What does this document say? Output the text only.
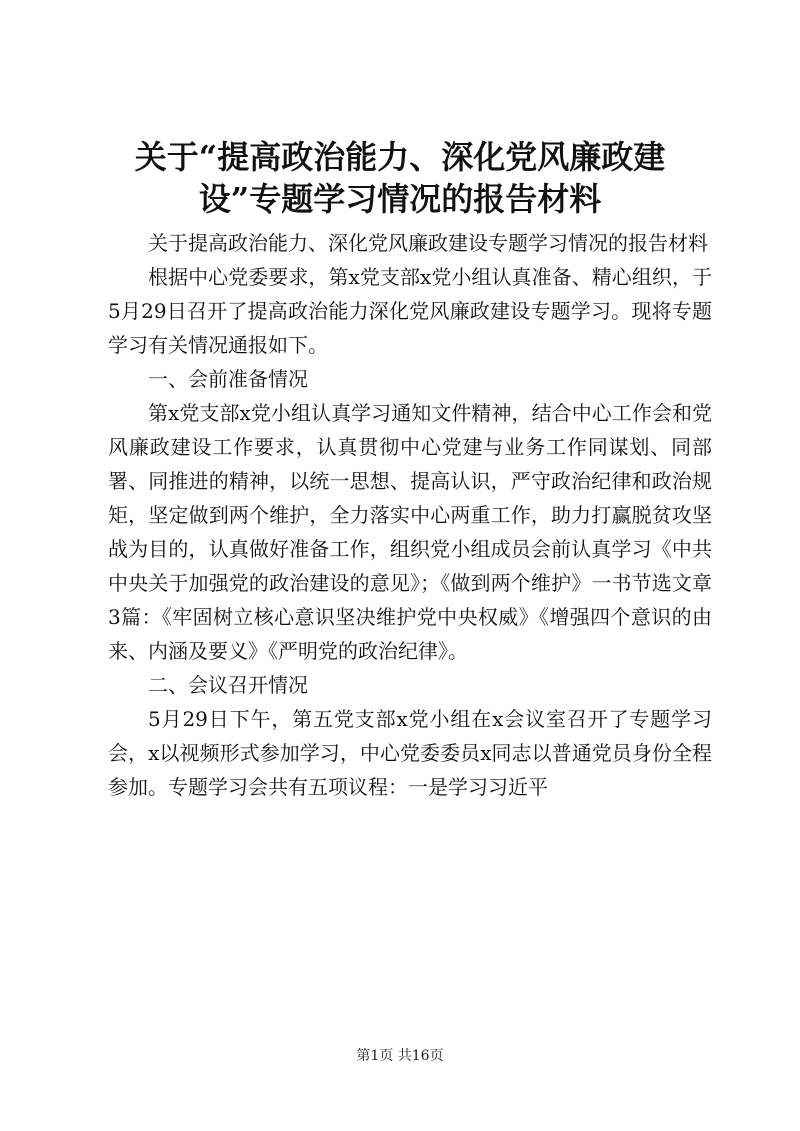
关于“提高政治能力、深化党风廉政建设”专题学习情况的报告材料

关于提高政治能力、深化党风廉政建设专题学习情况的报告材料

根据中心党委要求，第x党支部x党小组认真准备、精心组织，于5月29日召开了提高政治能力深化党风廉政建设专题学习。现将专题学习有关情况通报如下。

一、会前准备情况

第x党支部x党小组认真学习通知文件精神，结合中心工作会和党风廉政建设工作要求，认真贯彻中心党建与业务工作同谋划、同部署、同推进的精神，以统一思想、提高认识，严守政治纪律和政治规矩，坚定做到两个维护，全力落实中心两重工作，助力打赢脱贫攻坚战为目的，认真做好准备工作，组织党小组成员会前认真学习《中共中央关于加强党的政治建设的意见》；《做到两个维护》一书节选文章3篇：《牢固树立核心意识坚决维护党中央权威》《增强四个意识的由来、内涵及要义》《严明党的政治纪律》。

二、会议召开情况

5月29日下午，第五党支部x党小组在x会议室召开了专题学习会，x以视频形式参加学习，中心党委委员x同志以普通党员身份全程参加。专题学习会共有五项议程：一是学习习近平

第1页 共16页
